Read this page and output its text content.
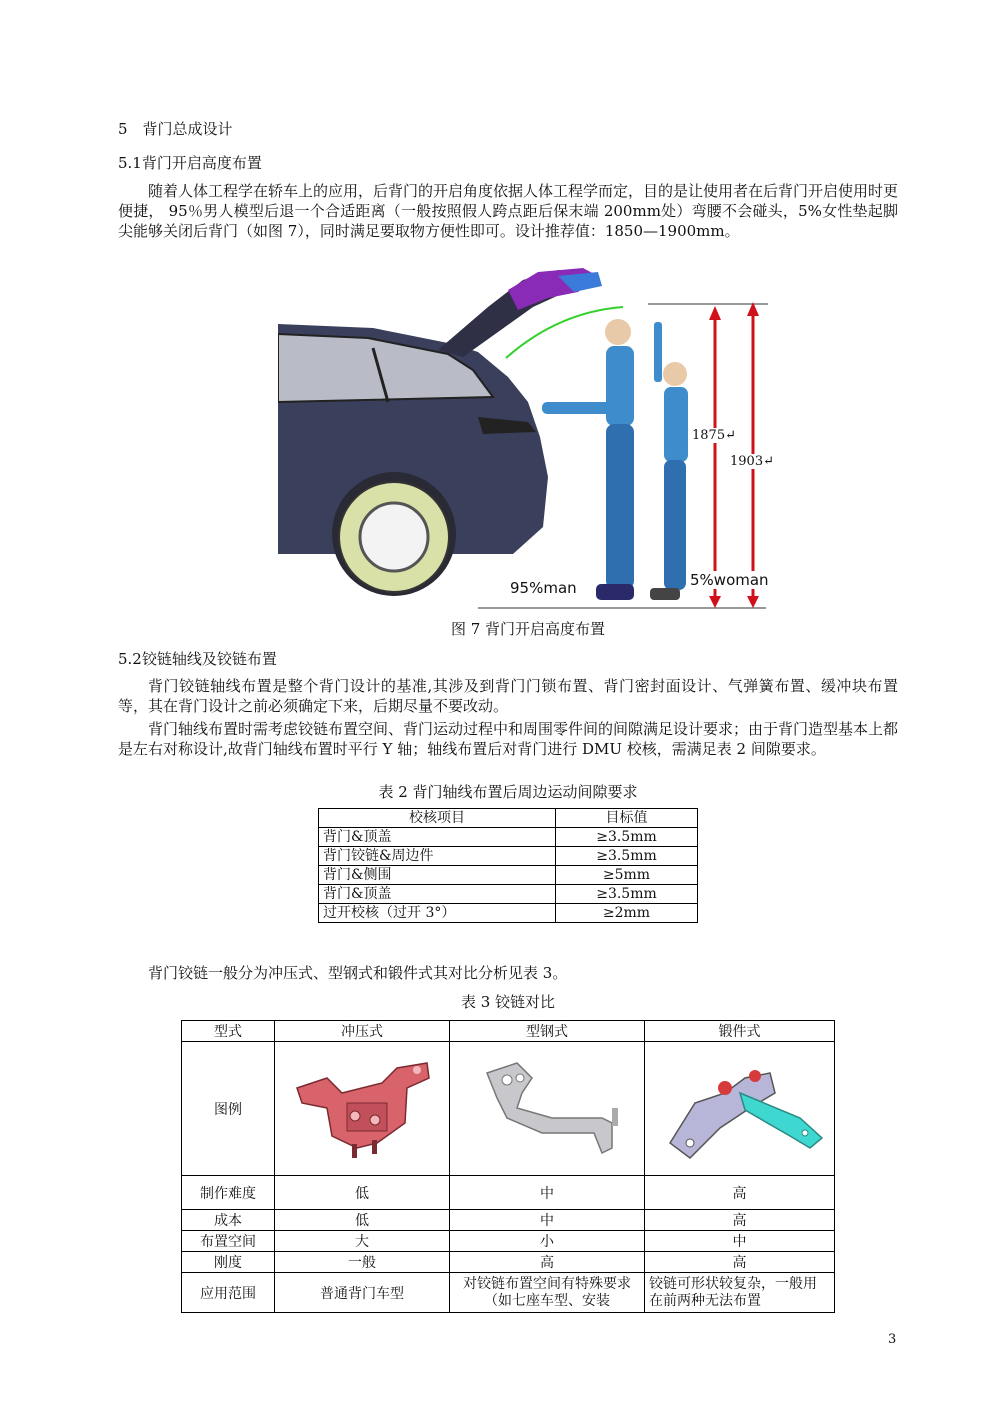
5　背门总成设计
5.1背门开启高度布置
随着人体工程学在轿车上的应用，后背门的开启角度依据人体工程学而定，目的是让使用者在后背门开启使用时更便捷， 95％男人模型后退一个合适距离（一般按照假人跨点距后保末端 200mm处）弯腰不会碰头，5%女性垫起脚尖能够关闭后背门（如图 7），同时满足要取物方便性即可。设计推荐值：1850—1900mm。
1875↵
1903↵
95%man	5%woman
图 7 背门开启高度布置
5.2铰链轴线及铰链布置
背门铰链轴线布置是整个背门设计的基准,其涉及到背门门锁布置、背门密封面设计、气弹簧布置、缓冲块布置等，其在背门设计之前必须确定下来，后期尽量不要改动。
背门轴线布置时需考虑铰链布置空间、背门运动过程中和周围零件间的间隙满足设计要求；由于背门造型基本上都是左右对称设计,故背门轴线布置时平行 Y 轴；轴线布置后对背门进行 DMU 校核，需满足表 2 间隙要求。
表 2 背门轴线布置后周边运动间隙要求
校核项目	目标值
背门&顶盖	≥3.5mm
背门铰链&周边件	≥3.5mm
背门&侧围	≥5mm
背门&顶盖	≥3.5mm
过开校核（过开 3°）	≥2mm
背门铰链一般分为冲压式、型钢式和锻件式其对比分析见表 3。
表 3 铰链对比
型式	冲压式	型钢式	锻件式
图例			
制作难度	低	中	高
成本	低	中	高
布置空间	大	小	中
刚度	一般	高	高
应用范围	普通背门车型	对铰链布置空间有特殊要求（如七座车型、安装	铰链可形状较复杂，一般用在前两种无法布置
3
